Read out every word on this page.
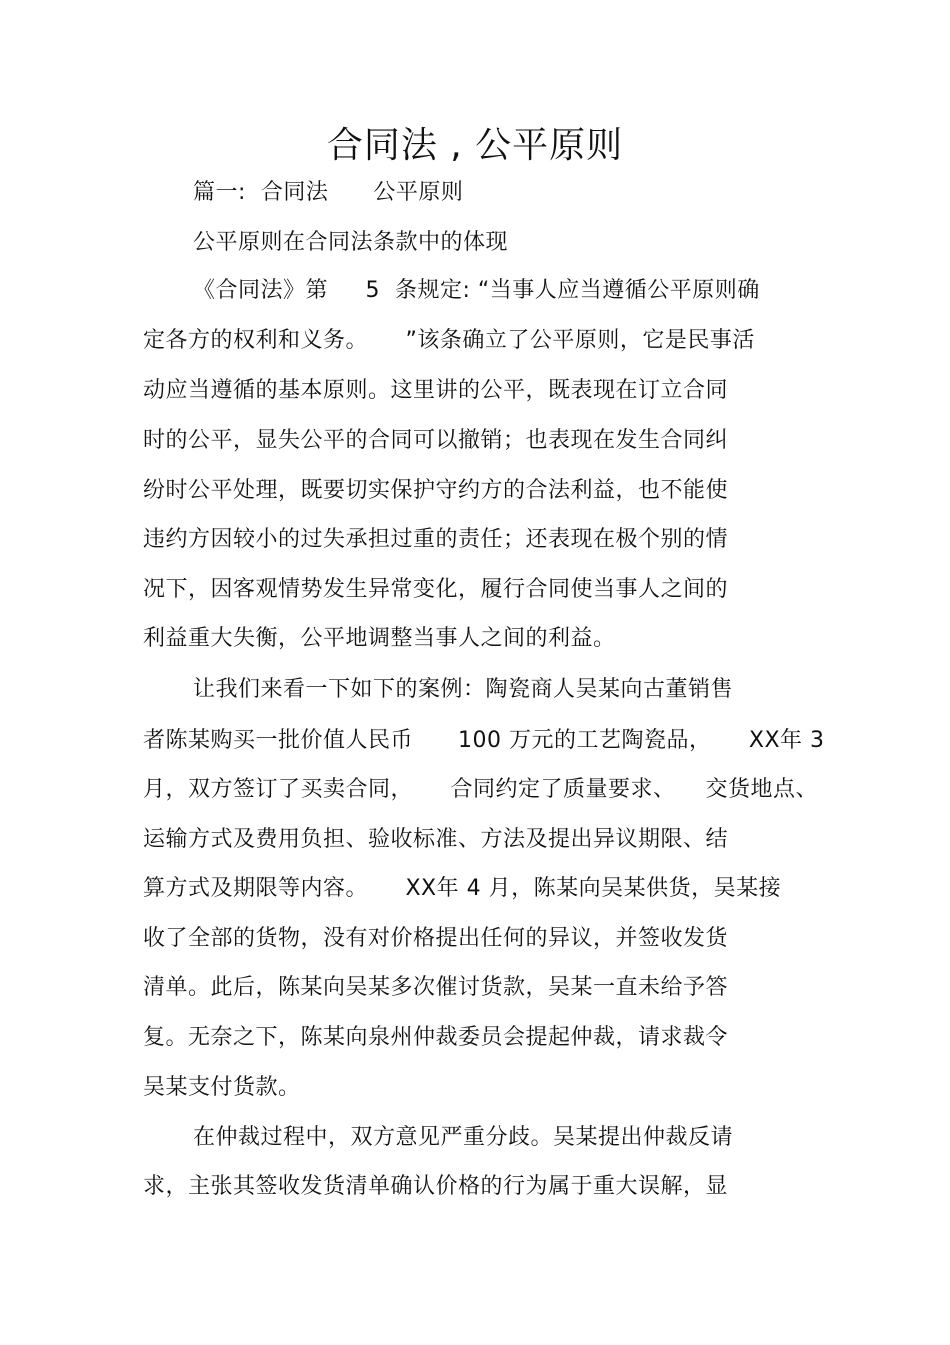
合同法 , 公平原则
篇一:  合同法      公平原则
公平原则在合同法条款中的体现
《合同法》第     5  条规定: “当事人应当遵循公平原则确
定各方的权利和义务。     ”该条确立了公平原则，它是民事活
动应当遵循的基本原则。这里讲的公平，既表现在订立合同
时的公平，显失公平的合同可以撤销；也表现在发生合同纠
纷时公平处理，既要切实保护守约方的合法利益，也不能使
违约方因较小的过失承担过重的责任；还表现在极个别的情
况下，因客观情势发生异常变化，履行合同使当事人之间的
利益重大失衡，公平地调整当事人之间的利益。
让我们来看一下如下的案例：陶瓷商人吴某向古董销售
者陈某购买一批价值人民币      100 万元的工艺陶瓷品，     XX年 3
月，双方签订了买卖合同，     合同约定了质量要求、    交货地点、
运输方式及费用负担、验收标准、方法及提出异议期限、结
算方式及期限等内容。     XX年 4 月，陈某向吴某供货，吴某接
收了全部的货物，没有对价格提出任何的异议，并签收发货
清单。此后，陈某向吴某多次催讨货款，吴某一直未给予答
复。无奈之下，陈某向泉州仲裁委员会提起仲裁，请求裁令
吴某支付货款。
在仲裁过程中，双方意见严重分歧。吴某提出仲裁反请
求，主张其签收发货清单确认价格的行为属于重大误解，显
